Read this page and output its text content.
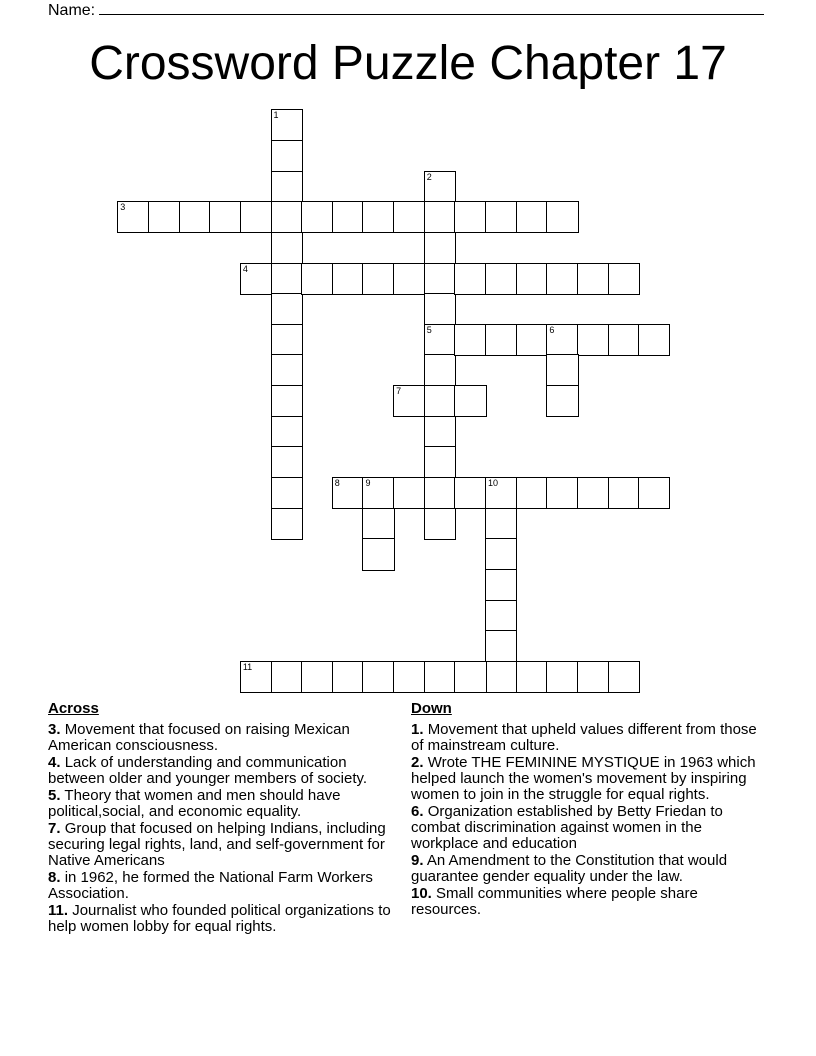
Name:
Crossword Puzzle Chapter 17
1
2
5
3
4
6
7
8	9	10
11
Across
3. Movement that focused on raising Mexican American consciousness.
4. Lack of understanding and communication between older and younger members of society.
5. Theory that women and men should have political,social, and economic equality.
7. Group that focused on helping Indians, including securing legal rights, land, and self-government for Native Americans
8. in 1962, he formed the National Farm Workers Association.
11. Journalist who founded political organizations to help women lobby for equal rights.
Down
1. Movement that upheld values different from those of mainstream culture.
2. Wrote THE FEMININE MYSTIQUE in 1963 which helped launch the women's movement by inspiring women to join in the struggle for equal rights.
6. Organization established by Betty Friedan to combat discrimination against women in the workplace and education
9. An Amendment to the Constitution that would guarantee gender equality under the law.
10. Small communities where people share resources.
